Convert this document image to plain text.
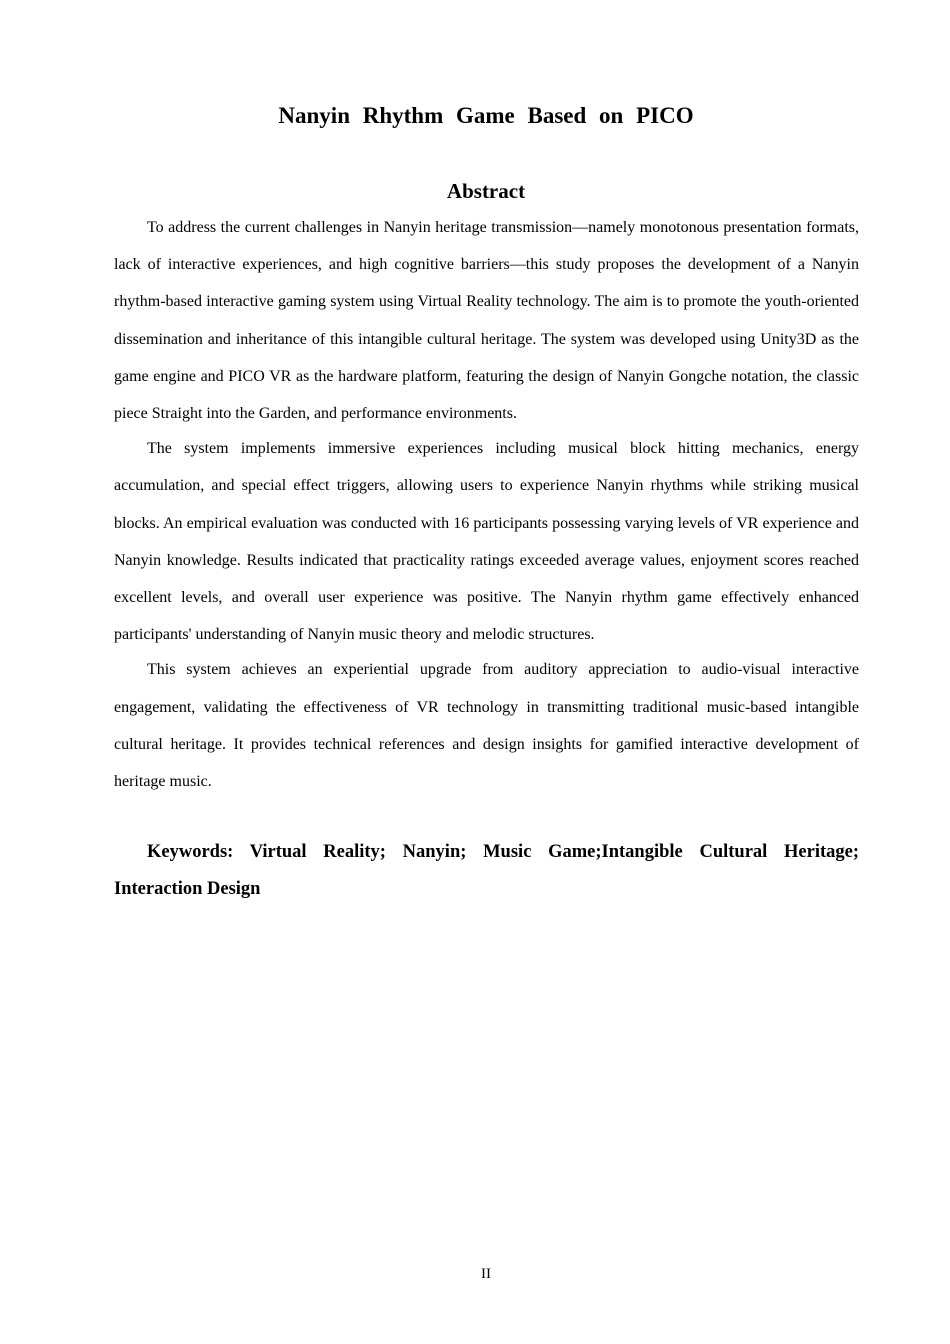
Nanyin Rhythm Game Based on PICO
Abstract

To address the current challenges in Nanyin heritage transmission—namely monotonous presentation formats, lack of interactive experiences, and high cognitive barriers—this study proposes the development of a Nanyin rhythm-based interactive gaming system using Virtual Reality technology. The aim is to promote the youth-oriented dissemination and inheritance of this intangible cultural heritage. The system was developed using Unity3D as the game engine and PICO VR as the hardware platform, featuring the design of Nanyin Gongche notation, the classic piece Straight into the Garden, and performance environments.

The system implements immersive experiences including musical block hitting mechanics, energy accumulation, and special effect triggers, allowing users to experience Nanyin rhythms while striking musical blocks. An empirical evaluation was conducted with 16 participants possessing varying levels of VR experience and Nanyin knowledge. Results indicated that practicality ratings exceeded average values, enjoyment scores reached excellent levels, and overall user experience was positive. The Nanyin rhythm game effectively enhanced participants' understanding of Nanyin music theory and melodic structures.

This system achieves an experiential upgrade from auditory appreciation to audio-visual interactive engagement, validating the effectiveness of VR technology in transmitting traditional music-based intangible cultural heritage. It provides technical references and design insights for gamified interactive development of heritage music.

Keywords: Virtual Reality; Nanyin; Music Game;Intangible Cultural Heritage; Interaction Design

II
